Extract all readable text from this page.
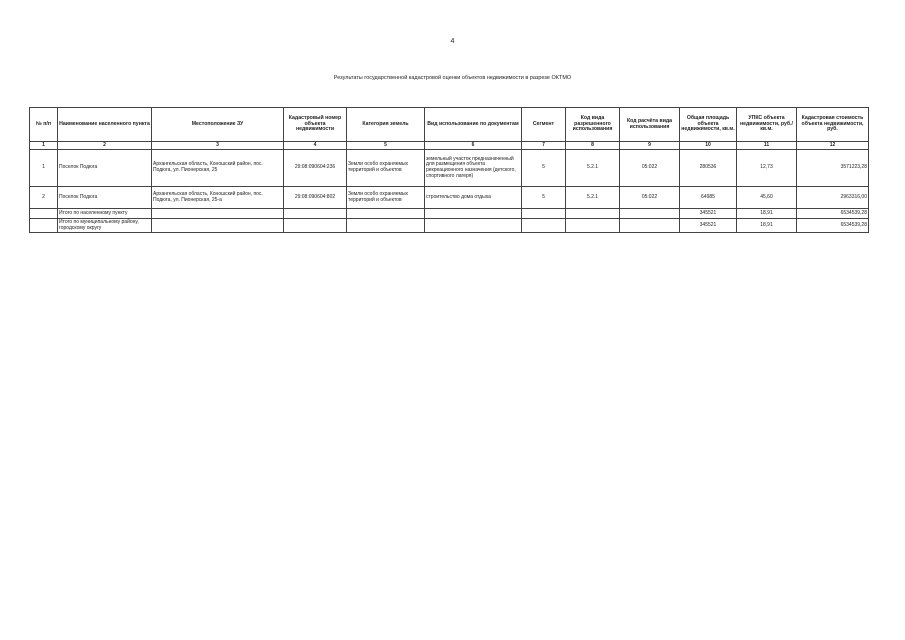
4
Результаты государственной кадастровой оценки объектов недвижимости в разрезе ОКТМО
№ п/п	Наименование населенного пункта	Местоположение ЗУ	Кадастровый номер объекта недвижимости	Категория земель	Вид использование по документам	Сегмент	Код вида разрешенного использования	Код расчёта вида использования	Общая площадь объекта недвижимости, кв.м.	УПКС объекта недвижимости, руб./кв.м.	Кадастровая стоимость объекта недвижимости, руб.
1	2	3	4	5	6	7	8	9	10	11	12
1	Поселок Подюга	Архангельская область, Коношский район, пос. Подюга, ул. Пионерская, 25	29:08:090604:236	Земли особо охраняемых территорий и объектов	земельный участок предназначенный для размещения объекта рекреационного назначения (детского, спортивного лагеря)	5	5.2.1	05:022	280536	12,73	3571223,28
2	Поселок Подюга	Архангельская область, Коношский район, пос. Подюга, ул. Пионерская, 25-а	29:08:090604:802	Земли особо охраняемых территорий и объектов	строительство дома отдыха	5	5.2.1	05:022	64985	45,60	2963316,00
	Итого по населенному пункту								345521	18,91	6534539,28
	Итого по муниципальному району, городскому округу								345521	18,91	6534539,28
